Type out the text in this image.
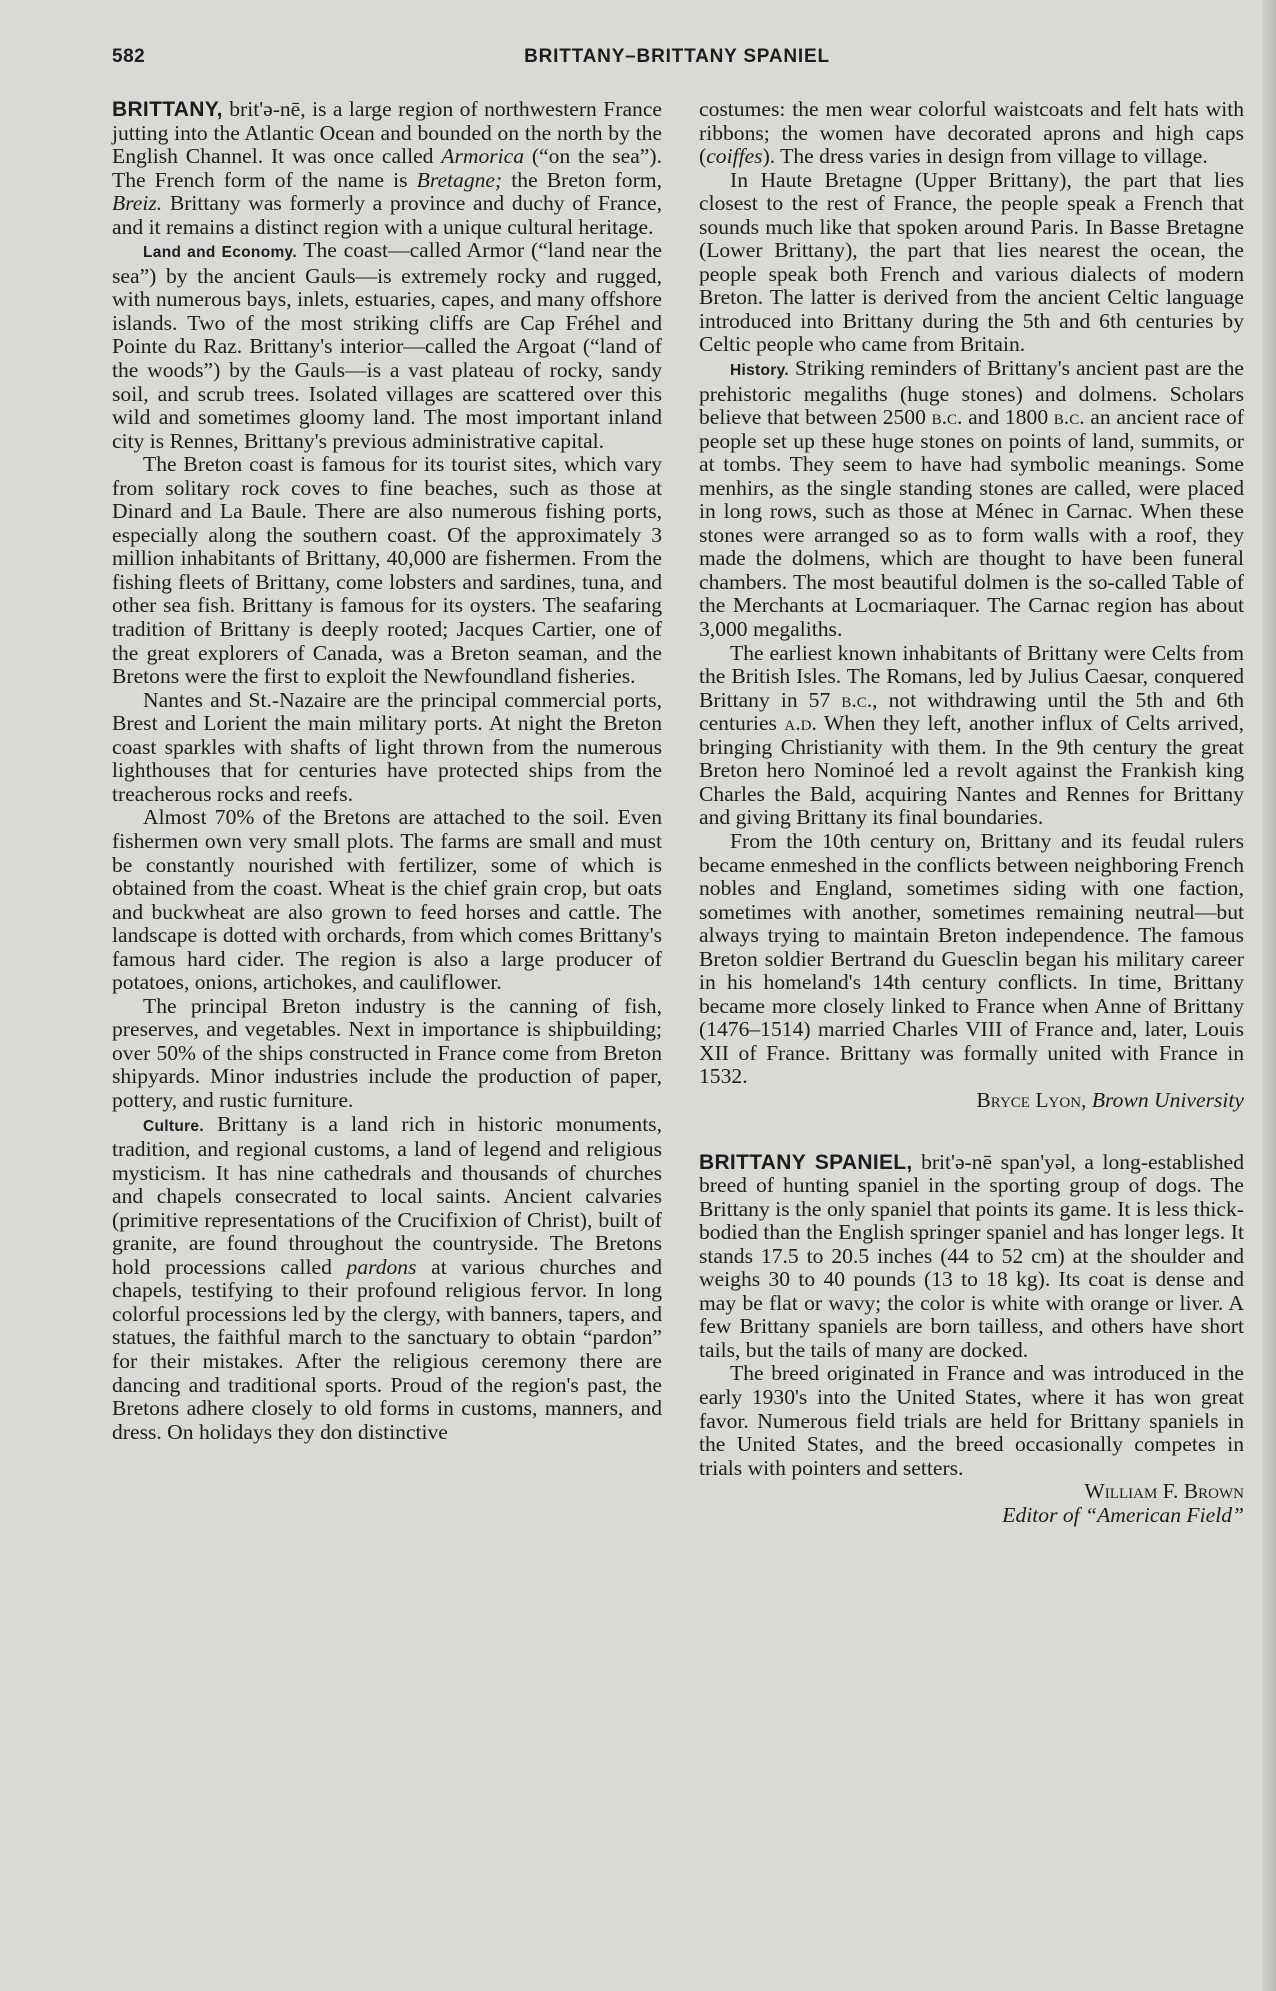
582	BRITTANY–BRITTANY SPANIEL

BRITTANY, brit'ə-nē, is a large region of northwestern France jutting into the Atlantic Ocean and bounded on the north by the English Channel. It was once called Armorica (“on the sea”). The French form of the name is Bretagne; the Breton form, Breiz. Brittany was formerly a province and duchy of France, and it remains a distinct region with a unique cultural heritage.

Land and Economy. The coast—called Armor (“land near the sea”) by the ancient Gauls—is extremely rocky and rugged, with numerous bays, inlets, estuaries, capes, and many offshore islands. Two of the most striking cliffs are Cap Fréhel and Pointe du Raz. Brittany's interior—called the Argoat (“land of the woods”) by the Gauls—is a vast plateau of rocky, sandy soil, and scrub trees. Isolated villages are scattered over this wild and sometimes gloomy land. The most important inland city is Rennes, Brittany's previous administrative capital.

The Breton coast is famous for its tourist sites, which vary from solitary rock coves to fine beaches, such as those at Dinard and La Baule. There are also numerous fishing ports, especially along the southern coast. Of the approximately 3 million inhabitants of Brittany, 40,000 are fishermen. From the fishing fleets of Brittany, come lobsters and sardines, tuna, and other sea fish. Brittany is famous for its oysters. The seafaring tradition of Brittany is deeply rooted; Jacques Cartier, one of the great explorers of Canada, was a Breton seaman, and the Bretons were the first to exploit the Newfoundland fisheries.

Nantes and St.-Nazaire are the principal commercial ports, Brest and Lorient the main military ports. At night the Breton coast sparkles with shafts of light thrown from the numerous lighthouses that for centuries have protected ships from the treacherous rocks and reefs.

Almost 70% of the Bretons are attached to the soil. Even fishermen own very small plots. The farms are small and must be constantly nourished with fertilizer, some of which is obtained from the coast. Wheat is the chief grain crop, but oats and buckwheat are also grown to feed horses and cattle. The landscape is dotted with orchards, from which comes Brittany's famous hard cider. The region is also a large producer of potatoes, onions, artichokes, and cauliflower.

The principal Breton industry is the canning of fish, preserves, and vegetables. Next in importance is shipbuilding; over 50% of the ships constructed in France come from Breton shipyards. Minor industries include the production of paper, pottery, and rustic furniture.

Culture. Brittany is a land rich in historic monuments, tradition, and regional customs, a land of legend and religious mysticism. It has nine cathedrals and thousands of churches and chapels consecrated to local saints. Ancient calvaries (primitive representations of the Crucifixion of Christ), built of granite, are found throughout the countryside. The Bretons hold processions called pardons at various churches and chapels, testifying to their profound religious fervor. In long colorful processions led by the clergy, with banners, tapers, and statues, the faithful march to the sanctuary to obtain “pardon” for their mistakes. After the religious ceremony there are dancing and traditional sports. Proud of the region's past, the Bretons adhere closely to old forms in customs, manners, and dress. On holidays they don distinctive

costumes: the men wear colorful waistcoats and felt hats with ribbons; the women have decorated aprons and high caps (coiffes). The dress varies in design from village to village.

In Haute Bretagne (Upper Brittany), the part that lies closest to the rest of France, the people speak a French that sounds much like that spoken around Paris. In Basse Bretagne (Lower Brittany), the part that lies nearest the ocean, the people speak both French and various dialects of modern Breton. The latter is derived from the ancient Celtic language introduced into Brittany during the 5th and 6th centuries by Celtic people who came from Britain.

History. Striking reminders of Brittany's ancient past are the prehistoric megaliths (huge stones) and dolmens. Scholars believe that between 2500 b.c. and 1800 b.c. an ancient race of people set up these huge stones on points of land, summits, or at tombs. They seem to have had symbolic meanings. Some menhirs, as the single standing stones are called, were placed in long rows, such as those at Ménec in Carnac. When these stones were arranged so as to form walls with a roof, they made the dolmens, which are thought to have been funeral chambers. The most beautiful dolmen is the so-called Table of the Merchants at Locmariaquer. The Carnac region has about 3,000 megaliths.

The earliest known inhabitants of Brittany were Celts from the British Isles. The Romans, led by Julius Caesar, conquered Brittany in 57 b.c., not withdrawing until the 5th and 6th centuries a.d. When they left, another influx of Celts arrived, bringing Christianity with them. In the 9th century the great Breton hero Nominoé led a revolt against the Frankish king Charles the Bald, acquiring Nantes and Rennes for Brittany and giving Brittany its final boundaries.

From the 10th century on, Brittany and its feudal rulers became enmeshed in the conflicts between neighboring French nobles and England, sometimes siding with one faction, sometimes with another, sometimes remaining neutral—but always trying to maintain Breton independence. The famous Breton soldier Bertrand du Guesclin began his military career in his homeland's 14th century conflicts. In time, Brittany became more closely linked to France when Anne of Brittany (1476–1514) married Charles VIII of France and, later, Louis XII of France. Brittany was formally united with France in 1532.

Bryce Lyon, Brown University

BRITTANY SPANIEL, brit'ə-nē span'yəl, a long-established breed of hunting spaniel in the sporting group of dogs. The Brittany is the only spaniel that points its game. It is less thick-bodied than the English springer spaniel and has longer legs. It stands 17.5 to 20.5 inches (44 to 52 cm) at the shoulder and weighs 30 to 40 pounds (13 to 18 kg). Its coat is dense and may be flat or wavy; the color is white with orange or liver. A few Brittany spaniels are born tailless, and others have short tails, but the tails of many are docked.

The breed originated in France and was introduced in the early 1930's into the United States, where it has won great favor. Numerous field trials are held for Brittany spaniels in the United States, and the breed occasionally competes in trials with pointers and setters.

William F. Brown

Editor of “American Field”
